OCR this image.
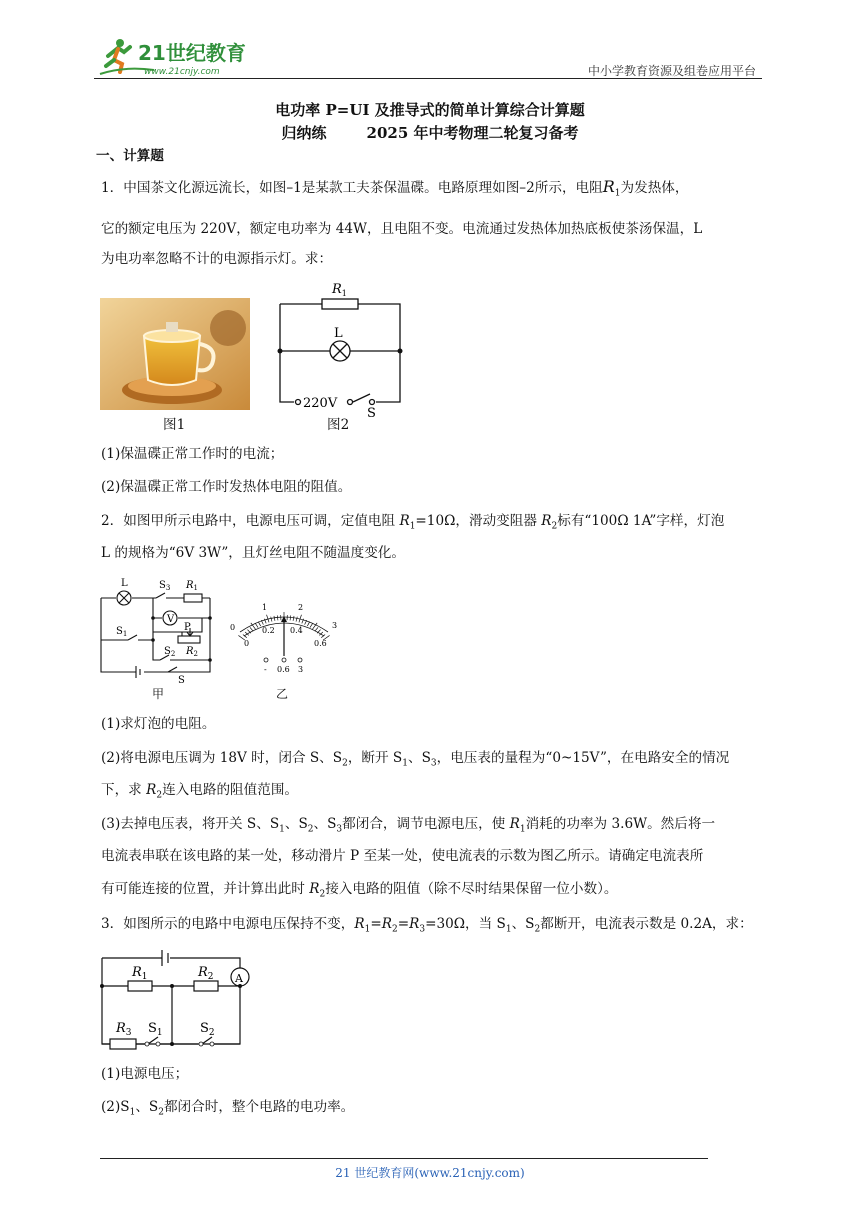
21世纪教育
www.21cnjy.com	中小学教育资源及组卷应用平台
电功率 P=UI 及推导式的简单计算综合计算题
归纳练	2025 年中考物理二轮复习备考
一、计算题
1．中国茶文化源远流长，如图–1是某款工夫茶保温碟。电路原理如图–2所示，电阻$R_1$为发热体，
它的额定电压为 220V，额定电功率为 44W，且电阻不变。电流通过发热体加热底板使茶汤保温，L
为电功率忽略不计的电源指示灯。求：
图1
$R_1$
L
220V
S
图2
(1)保温碟正常工作时的电流；
(2)保温碟正常工作时发热体电阻的阻值。
2．如图甲所示电路中，电源电压可调，定值电阻 $R_1=10\Omega$，滑动变阻器 $R_2$标有“100Ω 1A”字样，灯泡
L 的规格为“6V 3W”，且灯丝电阻不随温度变化。
L	$S_3$ $R_1$
V
$S_1$
P
$S_2$ $R_2$
S
甲
0
1	2
3
0
0.2 0.4
0.6
- 0.6 3
乙
(1)求灯泡的电阻。
(2)将电源电压调为 18V 时，闭合 S、$S_2$，断开 $S_1$、$S_3$，电压表的量程为“0~15V”，在电路安全的情况
下，求 $R_2$连入电路的阻值范围。
(3)去掉电压表，将开关 S、$S_1$、$S_2$、$S_3$都闭合，调节电源电压，使 $R_1$消耗的功率为 3.6W。然后将一
电流表串联在该电路的某一处，移动滑片 P 至某一处，使电流表的示数为图乙所示。请确定电流表所
有可能连接的位置，并计算出此时 $R_2$接入电路的阻值（除不尽时结果保留一位小数）。
3．如图所示的电路中电源电压保持不变，$R_1=R_2=R_3=30\Omega$，当 $S_1$、$S_2$都断开，电流表示数是 0.2A，求：
$R_1$	$R_2$
$R_3$
A
$S_1$	$S_2$
(1)电源电压；
$(2)S_1$、$S_2$都闭合时，整个电路的电功率。
21 世纪教育网(www.21cnjy.com)
